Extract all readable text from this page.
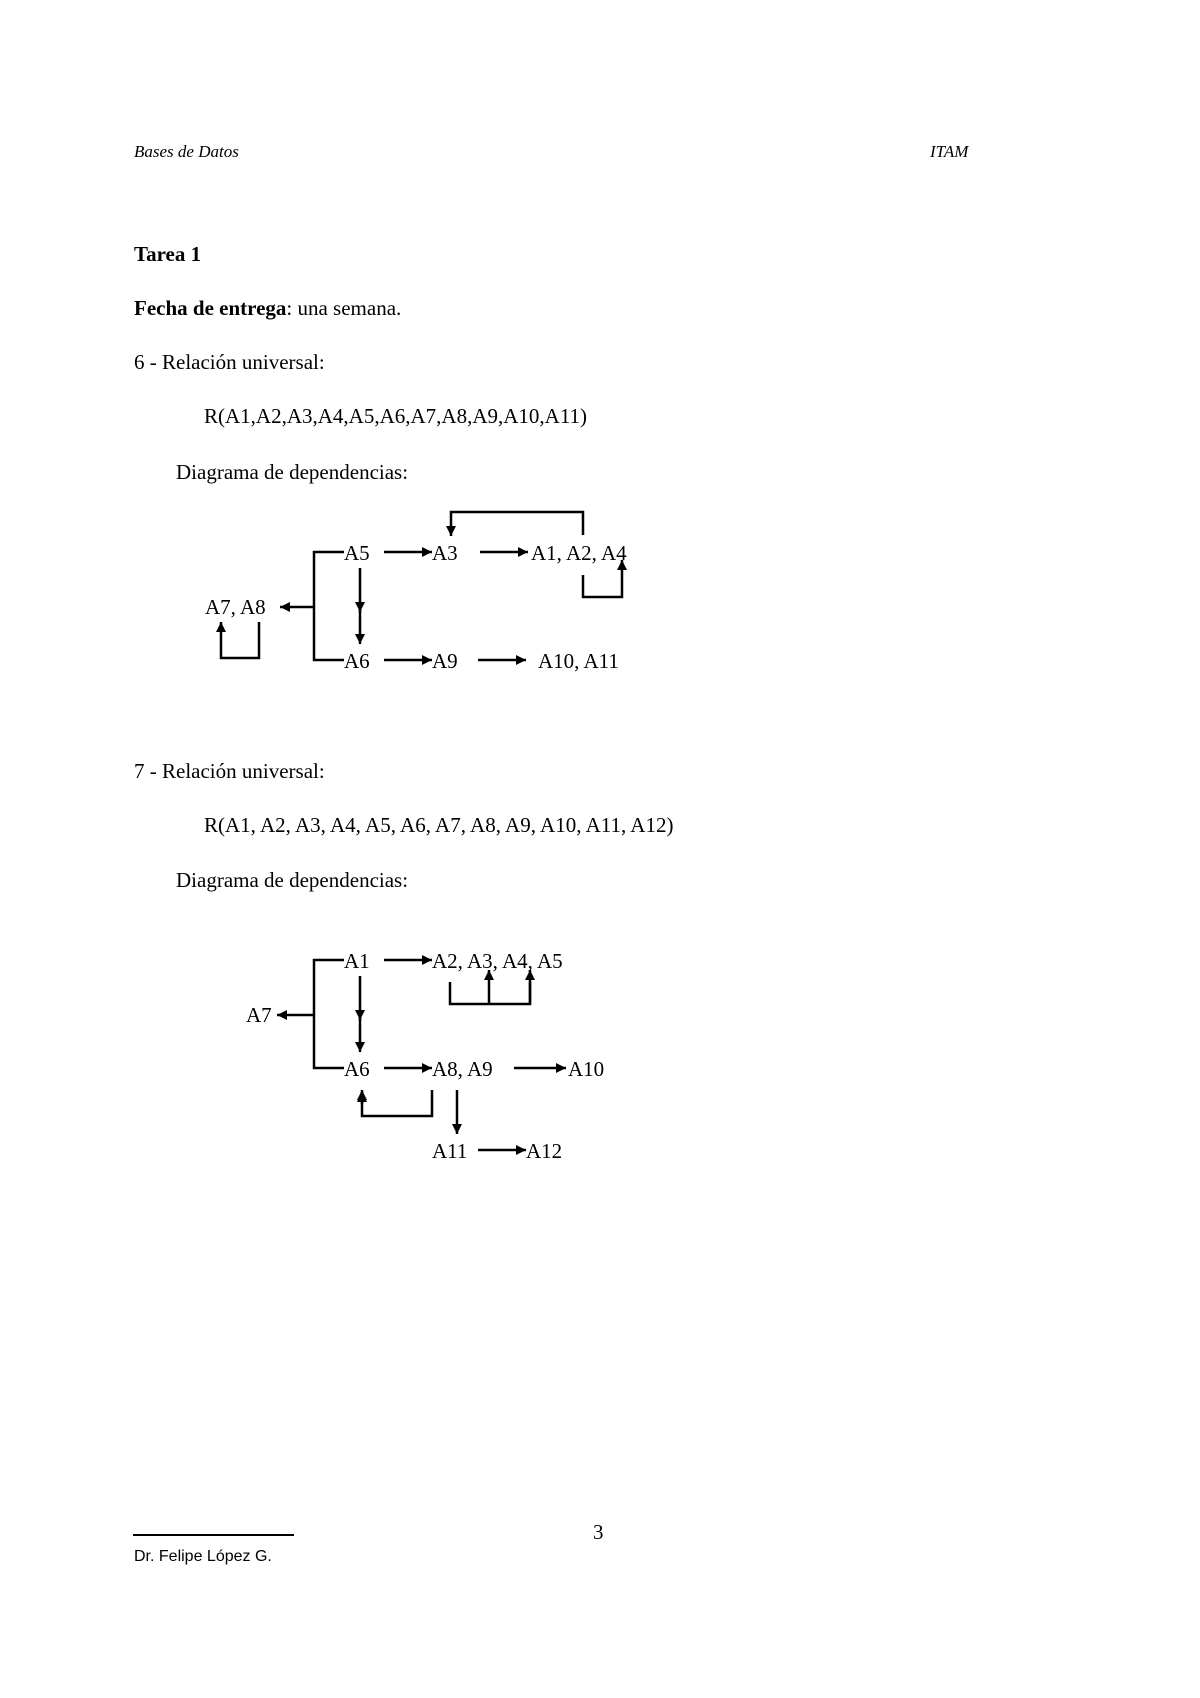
Bases de Datos	ITAM
Tarea 1
Fecha de entrega: una semana.
6 - Relación universal:
R(A1,A2,A3,A4,A5,A6,A7,A8,A9,A10,A11)
Diagrama de dependencias:
7 - Relación universal:
R(A1, A2, A3, A4, A5, A6, A7, A8, A9, A10, A11, A12)
Diagrama de dependencias:
A5	A3	A1, A2, A4
A7, A8
A6	A9	A10, A11
A1	A2, A3, A4, A5
A7
A6	A8, A9	A10
A11	A12
3
Dr. Felipe López G.
